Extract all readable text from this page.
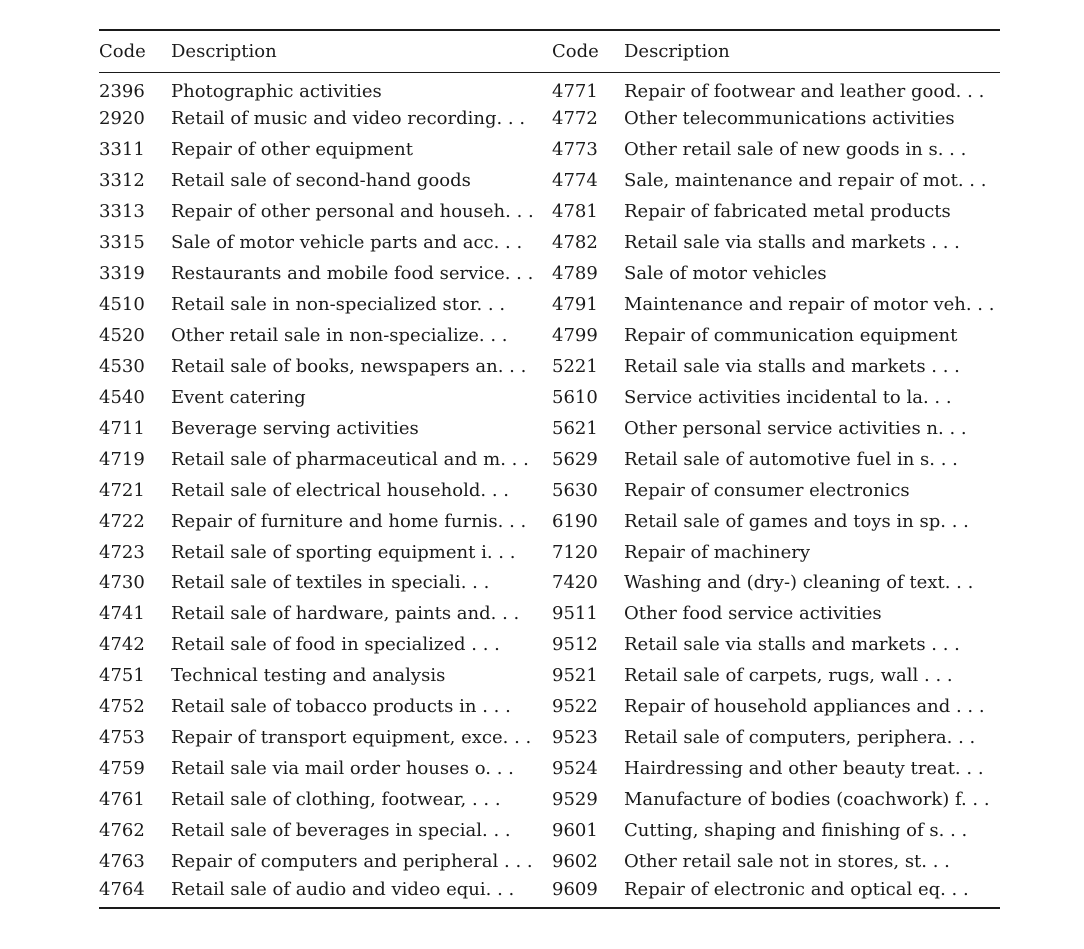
Code	Description	Code	Description
2396	Photographic activities	4771	Repair of footwear and leather good. . .
2920	Retail of music and video recording. . .	4772	Other telecommunications activities
3311	Repair of other equipment	4773	Other retail sale of new goods in s. . .
3312	Retail sale of second-hand goods	4774	Sale, maintenance and repair of mot. . .
3313	Repair of other personal and househ. . .	4781	Repair of fabricated metal products
3315	Sale of motor vehicle parts and acc. . .	4782	Retail sale via stalls and markets . . .
3319	Restaurants and mobile food service. . .	4789	Sale of motor vehicles
4510	Retail sale in non-specialized stor. . .	4791	Maintenance and repair of motor veh. . .
4520	Other retail sale in non-specialize. . .	4799	Repair of communication equipment
4530	Retail sale of books, newspapers an. . .	5221	Retail sale via stalls and markets . . .
4540	Event catering	5610	Service activities incidental to la. . .
4711	Beverage serving activities	5621	Other personal service activities n. . .
4719	Retail sale of pharmaceutical and m. . .	5629	Retail sale of automotive fuel in s. . .
4721	Retail sale of electrical household. . .	5630	Repair of consumer electronics
4722	Repair of furniture and home furnis. . .	6190	Retail sale of games and toys in sp. . .
4723	Retail sale of sporting equipment i. . .	7120	Repair of machinery
4730	Retail sale of textiles in speciali. . .	7420	Washing and (dry-) cleaning of text. . .
4741	Retail sale of hardware, paints and. . .	9511	Other food service activities
4742	Retail sale of food in specialized . . .	9512	Retail sale via stalls and markets . . .
4751	Technical testing and analysis	9521	Retail sale of carpets, rugs, wall . . .
4752	Retail sale of tobacco products in . . .	9522	Repair of household appliances and . . .
4753	Repair of transport equipment, exce. . .	9523	Retail sale of computers, periphera. . .
4759	Retail sale via mail order houses o. . .	9524	Hairdressing and other beauty treat. . .
4761	Retail sale of clothing, footwear, . . .	9529	Manufacture of bodies (coachwork) f. . .
4762	Retail sale of beverages in special. . .	9601	Cutting, shaping and finishing of s. . .
4763	Repair of computers and peripheral . . .	9602	Other retail sale not in stores, st. . .
4764	Retail sale of audio and video equi. . .	9609	Repair of electronic and optical eq. . .
